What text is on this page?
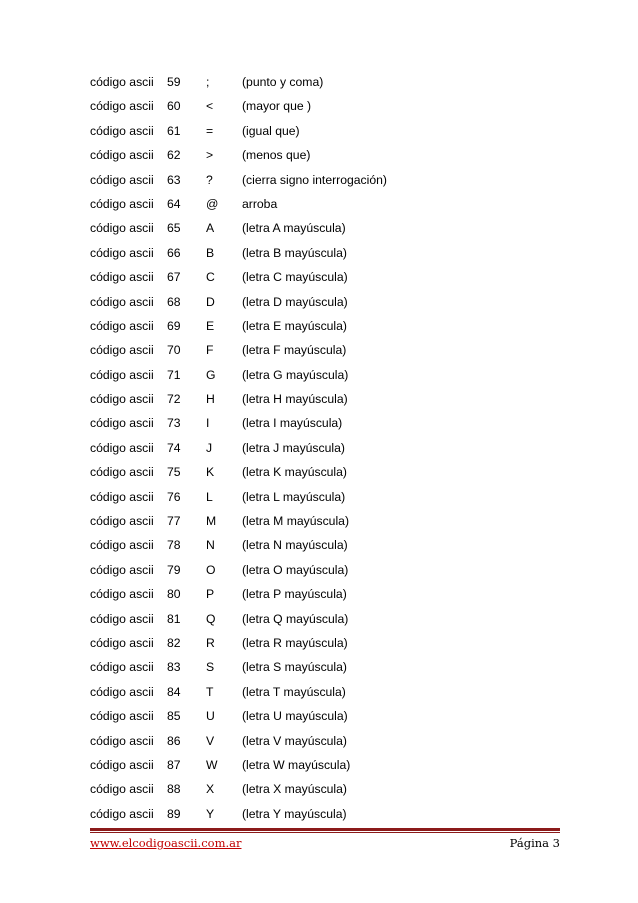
código ascii 59 ;	(punto y coma)
código ascii 60 < (mayor que )
código ascii 61 = (igual que)
código ascii 62 > (menos que)
código ascii 63 ? (cierra signo interrogación)
código ascii 64 @ arroba
código ascii 65 A (letra A mayúscula)
código ascii 66 B (letra B mayúscula)
código ascii 67 C (letra C mayúscula)
código ascii 68 D (letra D mayúscula)
código ascii 69 E (letra E mayúscula)
código ascii 70 F (letra F mayúscula)
código ascii 71 G (letra G mayúscula)
código ascii 72 H (letra H mayúscula)
código ascii 73 I	(letra I mayúscula)
código ascii 74 J (letra J mayúscula)
código ascii 75 K (letra K mayúscula)
código ascii 76 L (letra L mayúscula)
código ascii 77 M (letra M mayúscula)
código ascii 78 N (letra N mayúscula)
código ascii 79 O (letra O mayúscula)
código ascii 80 P (letra P mayúscula)
código ascii 81 Q (letra Q mayúscula)
código ascii 82 R (letra R mayúscula)
código ascii 83 S (letra S mayúscula)
código ascii 84 T (letra T mayúscula)
código ascii 85 U (letra U mayúscula)
código ascii 86 V (letra V mayúscula)
código ascii 87 W (letra W mayúscula)
código ascii 88 X (letra X mayúscula)
código ascii 89 Y (letra Y mayúscula)
www.elcodigoascii.com.ar	Página 3
